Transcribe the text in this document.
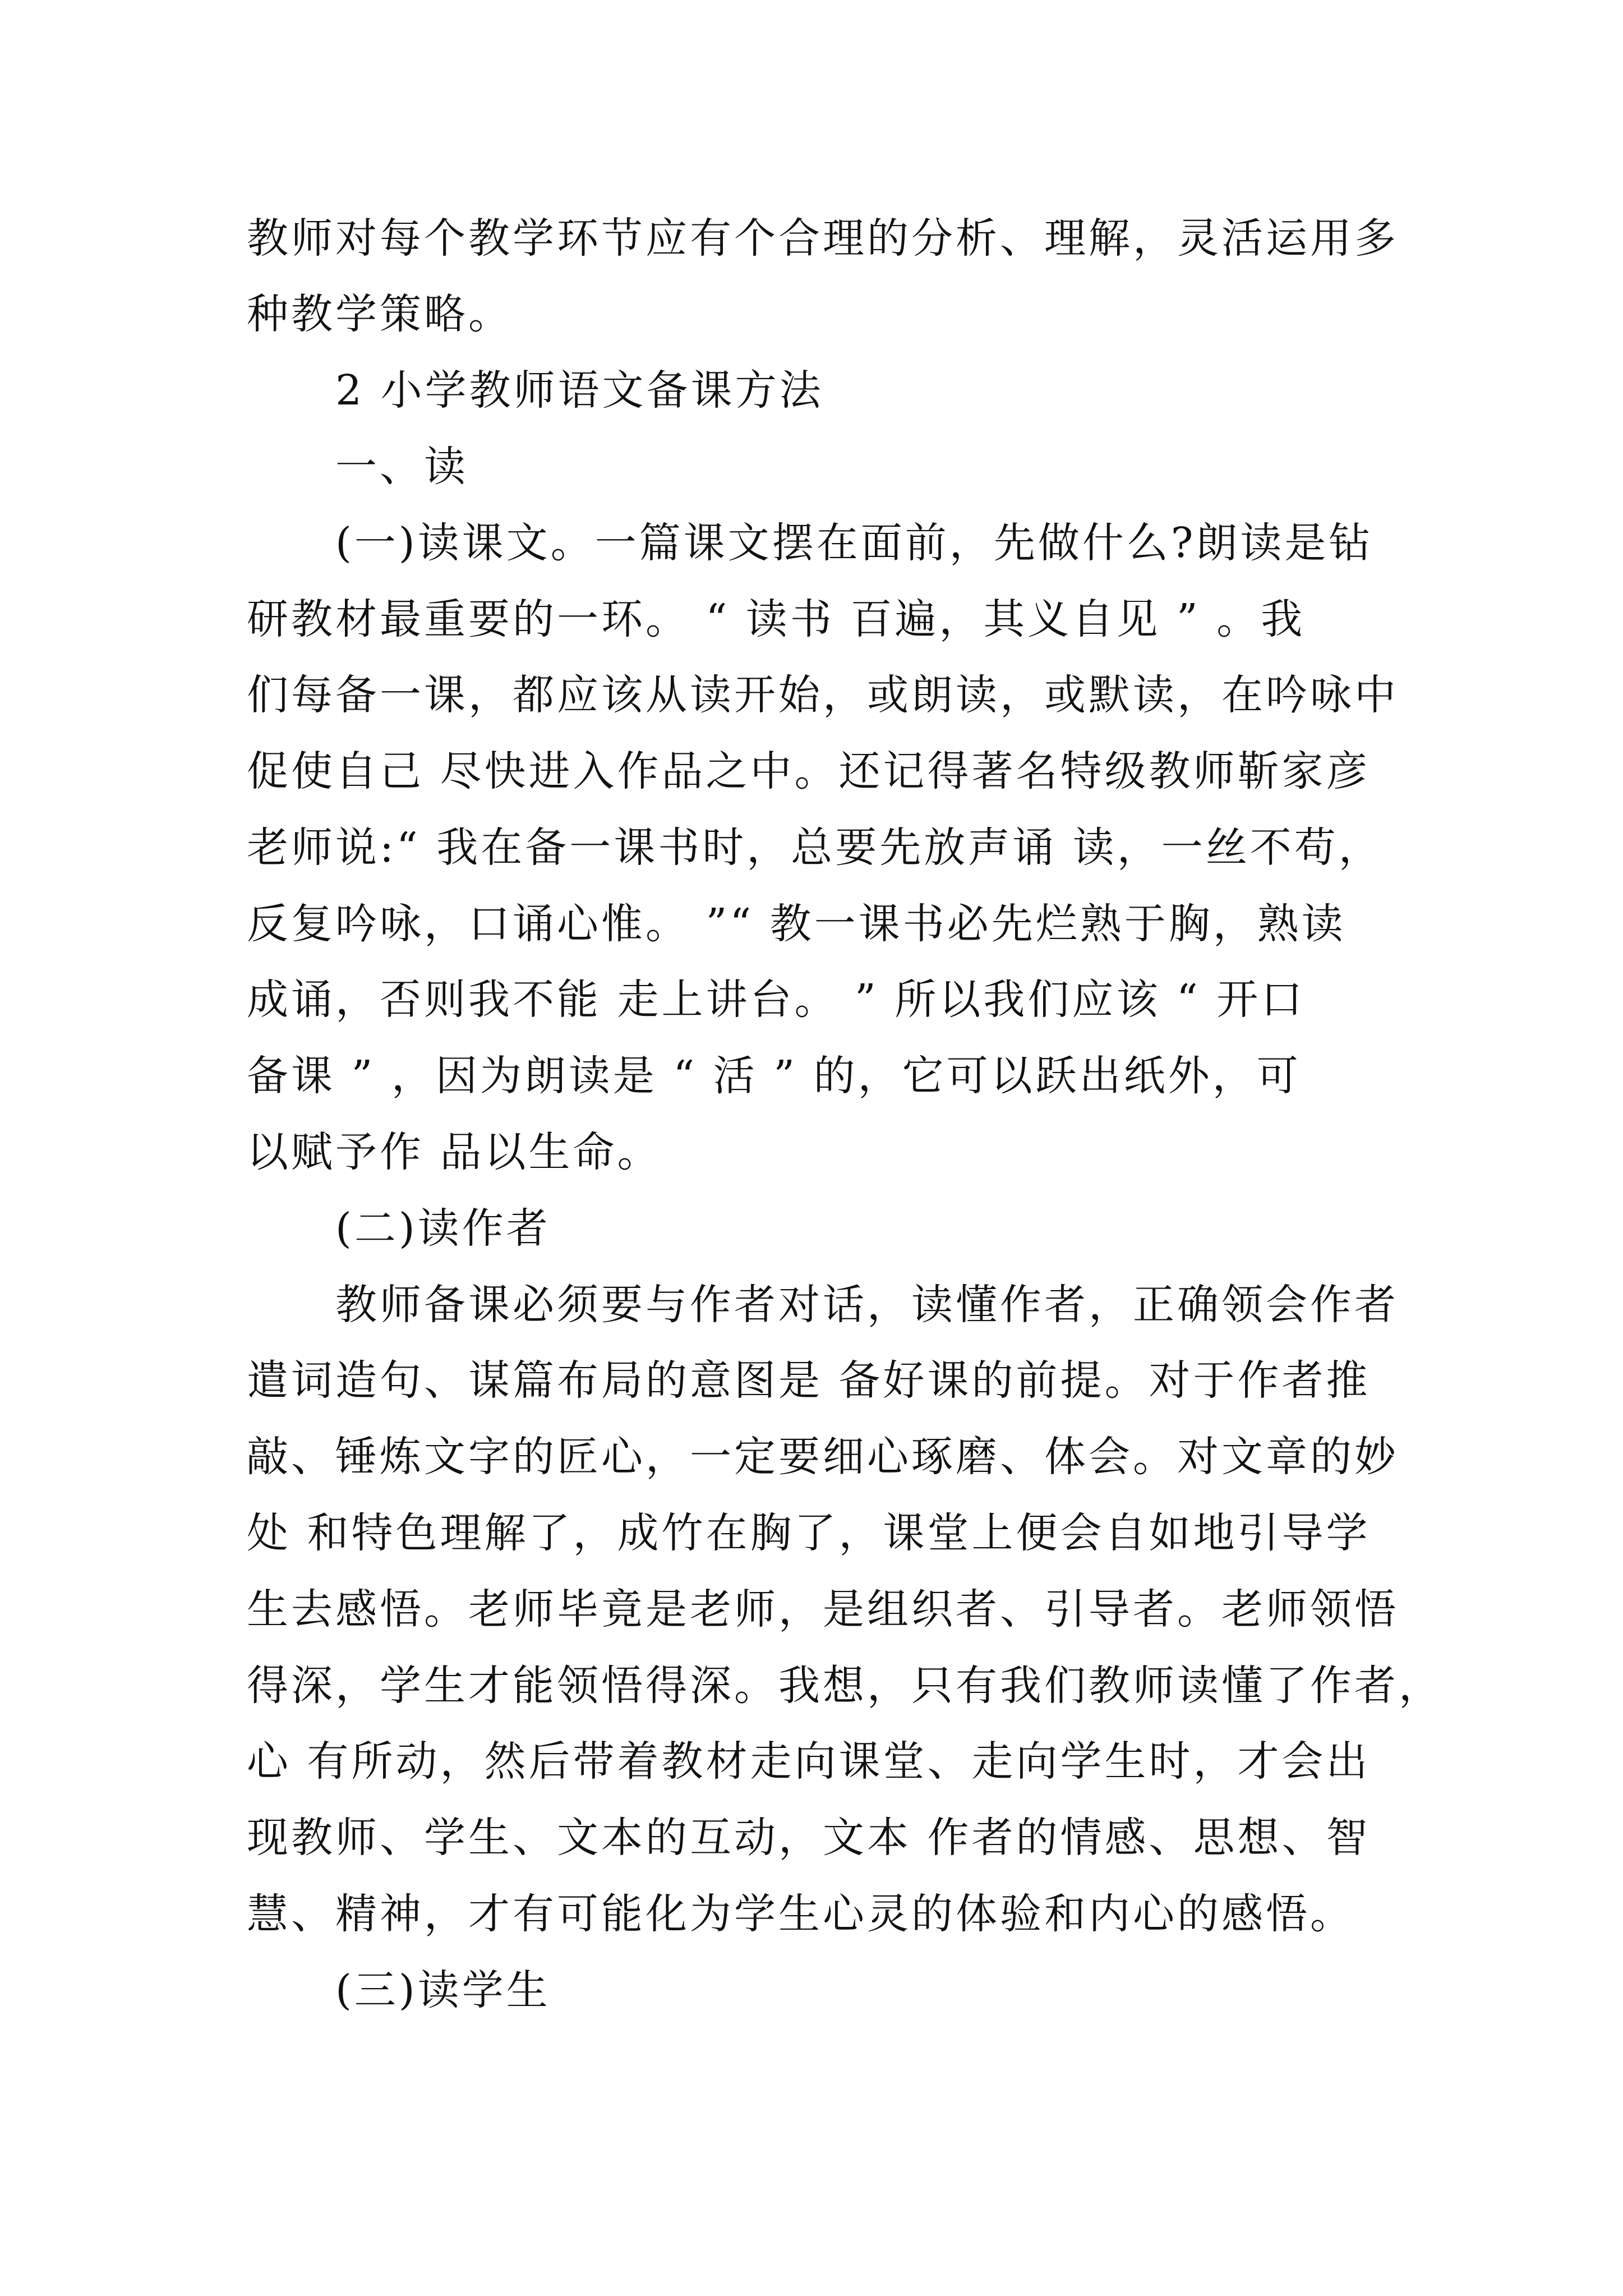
教师对每个教学环节应有个合理的分析、理解，灵活运用多
种教学策略。
2 小学教师语文备课方法
一、读
(一)读课文。一篇课文摆在面前，先做什么?朗读是钻
研教材最重要的一环。 “ 读书 百遍，其义自见 ” 。我
们每备一课，都应该从读开始，或朗读，或默读，在吟咏中
促使自己 尽快进入作品之中。还记得著名特级教师靳家彦
老师说:“ 我在备一课书时，总要先放声诵 读，一丝不苟，
反复吟咏，口诵心惟。 ”“ 教一课书必先烂熟于胸，熟读
成诵，否则我不能 走上讲台。 ” 所以我们应该 “ 开口
备课 ” ，因为朗读是 “ 活 ” 的，它可以跃出纸外，可
以赋予作 品以生命。
(二)读作者
教师备课必须要与作者对话，读懂作者，正确领会作者
遣词造句、谋篇布局的意图是 备好课的前提。对于作者推
敲、锤炼文字的匠心，一定要细心琢磨、体会。对文章的妙
处 和特色理解了，成竹在胸了，课堂上便会自如地引导学
生去感悟。老师毕竟是老师，是组织者、引导者。老师领悟
得深，学生才能领悟得深。我想，只有我们教师读懂了作者，
心 有所动，然后带着教材走向课堂、走向学生时，才会出
现教师、学生、文本的互动，文本 作者的情感、思想、智
慧、精神，才有可能化为学生心灵的体验和内心的感悟。
(三)读学生
